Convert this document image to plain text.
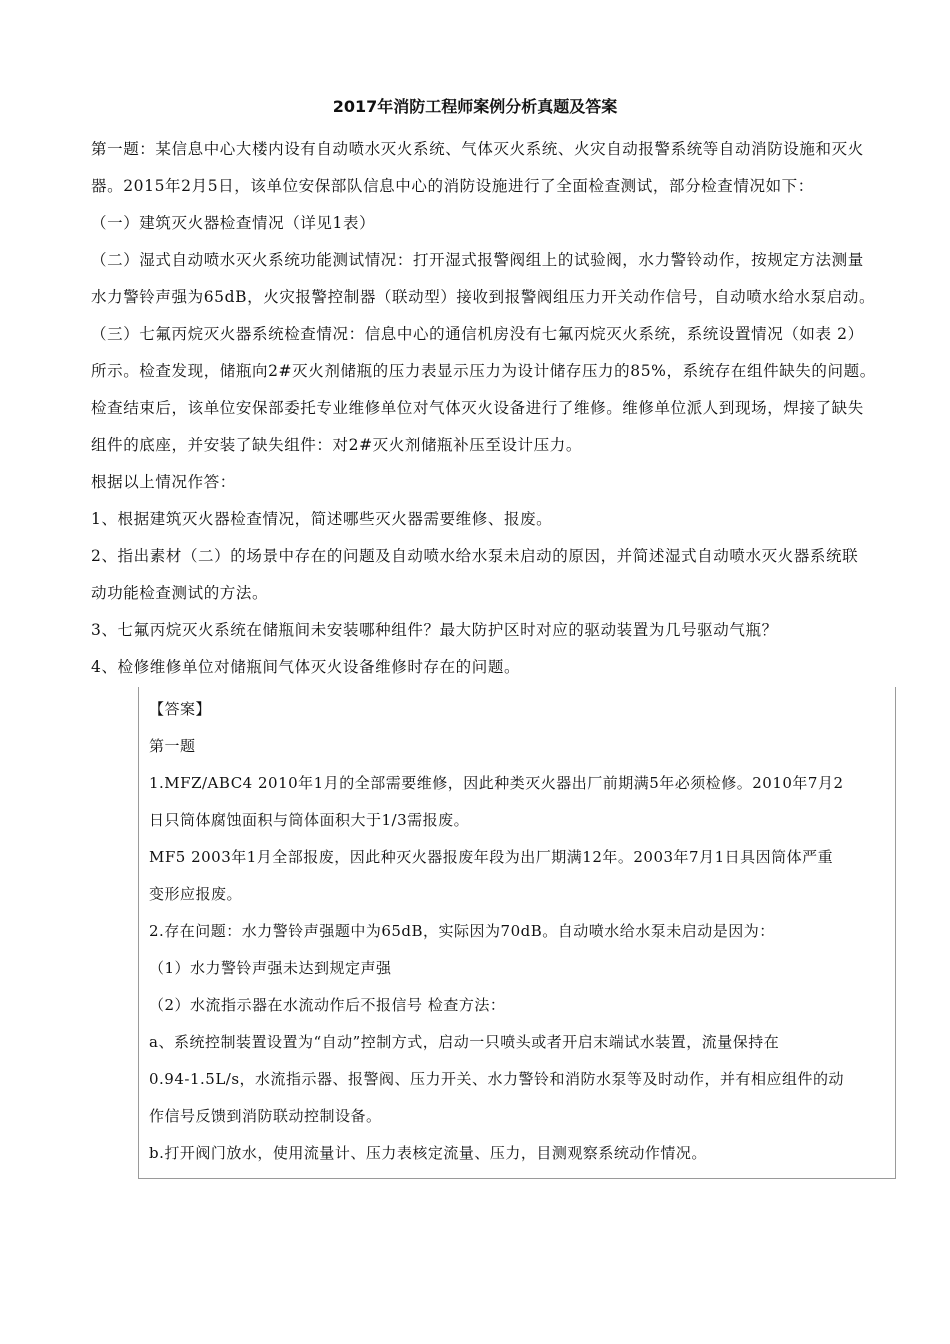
2017年消防工程师案例分析真题及答案

第一题：某信息中心大楼内设有自动喷水灭火系统、气体灭火系统、火灾自动报警系统等自动消防设施和灭火

器。2015年2月5日，该单位安保部队信息中心的消防设施进行了全面检查测试，部分检查情况如下：

（一）建筑灭火器检查情况（详见1表）

（二）湿式自动喷水灭火系统功能测试情况：打开湿式报警阀组上的试验阀，水力警铃动作，按规定方法测量

水力警铃声强为65dB，火灾报警控制器（联动型）接收到报警阀组压力开关动作信号，自动喷水给水泵启动。

（三）七氟丙烷灭火器系统检查情况：信息中心的通信机房没有七氟丙烷灭火系统，系统设置情况（如表 2）

所示。检查发现，储瓶向2#灭火剂储瓶的压力表显示压力为设计储存压力的85%，系统存在组件缺失的问题。

检查结束后，该单位安保部委托专业维修单位对气体灭火设备进行了维修。维修单位派人到现场，焊接了缺失

组件的底座，并安装了缺失组件：对2#灭火剂储瓶补压至设计压力。

根据以上情况作答：

1、根据建筑灭火器检查情况，简述哪些灭火器需要维修、报废。

2、指出素材（二）的场景中存在的问题及自动喷水给水泵未启动的原因，并简述湿式自动喷水灭火器系统联

动功能检查测试的方法。

3、七氟丙烷灭火系统在储瓶间未安装哪种组件？最大防护区时对应的驱动装置为几号驱动气瓶？

4、检修维修单位对储瓶间气体灭火设备维修时存在的问题。

【答案】

第一题

1.MFZ/ABC4 2010年1月的全部需要维修，因此种类灭火器出厂前期满5年必须检修。2010年7月2

日只筒体腐蚀面积与筒体面积大于1/3需报废。

MF5 2003年1月全部报废，因此种灭火器报废年段为出厂期满12年。2003年7月1日具因筒体严重

变形应报废。

2.存在问题：水力警铃声强题中为65dB，实际因为70dB。自动喷水给水泵未启动是因为：

（1）水力警铃声强未达到规定声强

（2）水流指示器在水流动作后不报信号 检查方法：

a、系统控制装置设置为“自动”控制方式，启动一只喷头或者开启末端试水装置，流量保持在

0.94-1.5L/s，水流指示器、报警阀、压力开关、水力警铃和消防水泵等及时动作，并有相应组件的动

作信号反馈到消防联动控制设备。

b.打开阀门放水，使用流量计、压力表核定流量、压力，目测观察系统动作情况。
